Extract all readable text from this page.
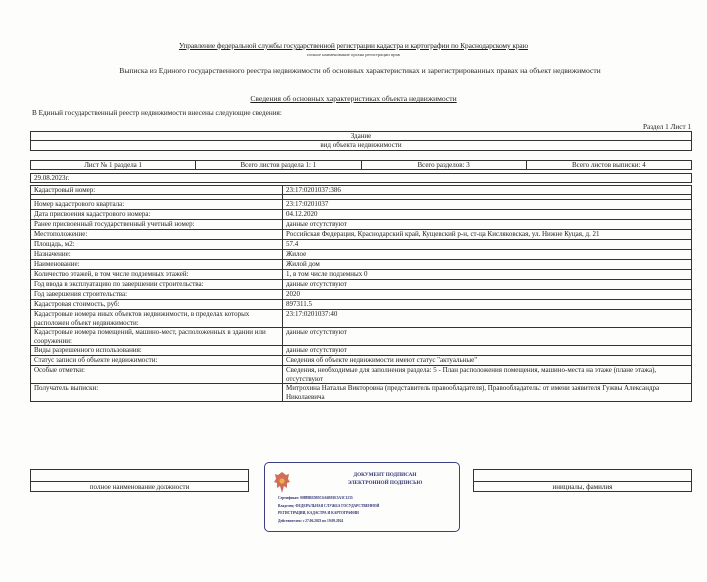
Управление федеральной службы государственной регистрации кадастра и картографии по Краснодарскому краю
полное наименование органа регистрации прав
Выписка из Единого государственного реестра недвижимости об основных характеристиках и зарегистрированных правах на объект недвижимости
Сведения об основных характеристиках объекта недвижимости
В Единый государственный реестр недвижимости внесены следующие сведения:
Раздел 1 Лист 1
Здание
вид объекта недвижимости
Лист № 1 раздела 1	Всего листов раздела 1: 1	Всего разделов: 3	Всего листов выписки: 4
29.08.2023г.
Кадастровый номер:	23:17:0201037:386

Номер кадастрового квартала:	23:17:0201037
Дата присвоения кадастрового номера:	04.12.2020
Ранее присвоенный государственный учетный номер:	данные отсутствуют
Местоположение:	Российская Федерация, Краснодарский край, Кущевский р-н, ст-ца Кисляковская, ул. Нижне Куцая, д. 21
Площадь, м2:	57.4
Назначение:	Жилое
Наименование:	Жилой дом
Количество этажей, в том числе подземных этажей:	1, в том числе подземных 0
Год ввода в эксплуатацию по завершении строительства:	данные отсутствуют
Год завершения строительства:	2020
Кадастровая стоимость, руб:	897311.5
Кадастровые номера иных объектов недвижимости, в пределах которых расположен объект недвижимости:	23:17:0201037:40
Кадастровые номера помещений, машино-мест, расположенных в здании или сооружении:	данные отсутствуют
Виды разрешенного использования:	данные отсутствуют
Статус записи об объекте недвижимости:	Сведения об объекте недвижимости имеют статус "актуальные"
Особые отметки:	Сведения, необходимые для заполнения раздела: 5 - План расположения помещения, машино-места на этаже (плане этажа), отсутствуют
Получатель выписки:	Митрохина Наталья Викторовна (представитель правообладателя), Правообладатель: от имени заявителя Гужвы Александра Николаевича

полное наименование должности		инициалы, фамилия
ДОКУМЕНТ ПОДПИСАН
ЭЛЕКТРОННОЙ ПОДПИСЬЮ
Сертификат: 00889B5D85C6A6B91E5A3C1235
Владелец: ФЕДЕРАЛЬНАЯ СЛУЖБА ГОСУДАРСТВЕННОЙ
РЕГИСТРАЦИИ, КАДАСТРА И КАРТОГРАФИИ
Действителен: с 27.06.2023 по 19.09.2024
